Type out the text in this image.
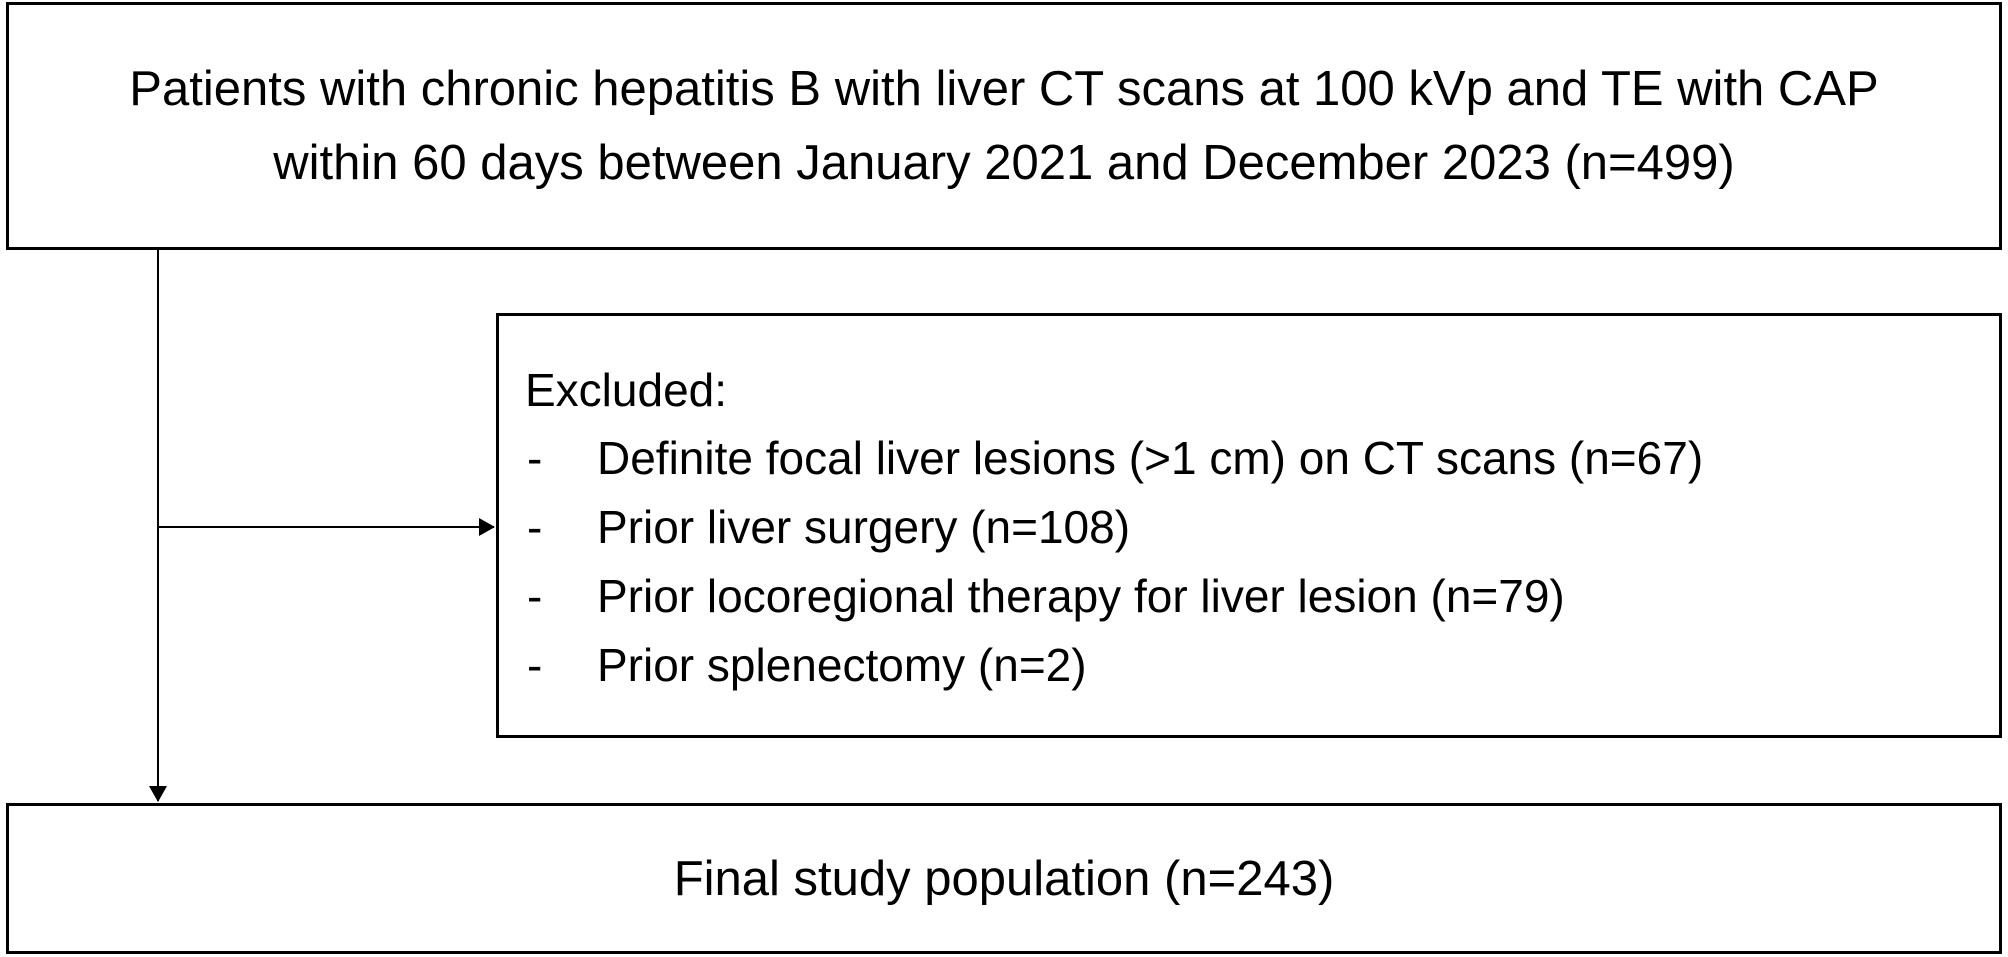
Patients with chronic hepatitis B with liver CT scans at 100 kVp and TE with CAP
within 60 days between January 2021 and December 2023 (n=499)
Excluded:
-	Definite focal liver lesions (>1 cm) on CT scans (n=67)
-	Prior liver surgery (n=108)
-	Prior locoregional therapy for liver lesion (n=79)
-	Prior splenectomy (n=2)
Final study population (n=243)
